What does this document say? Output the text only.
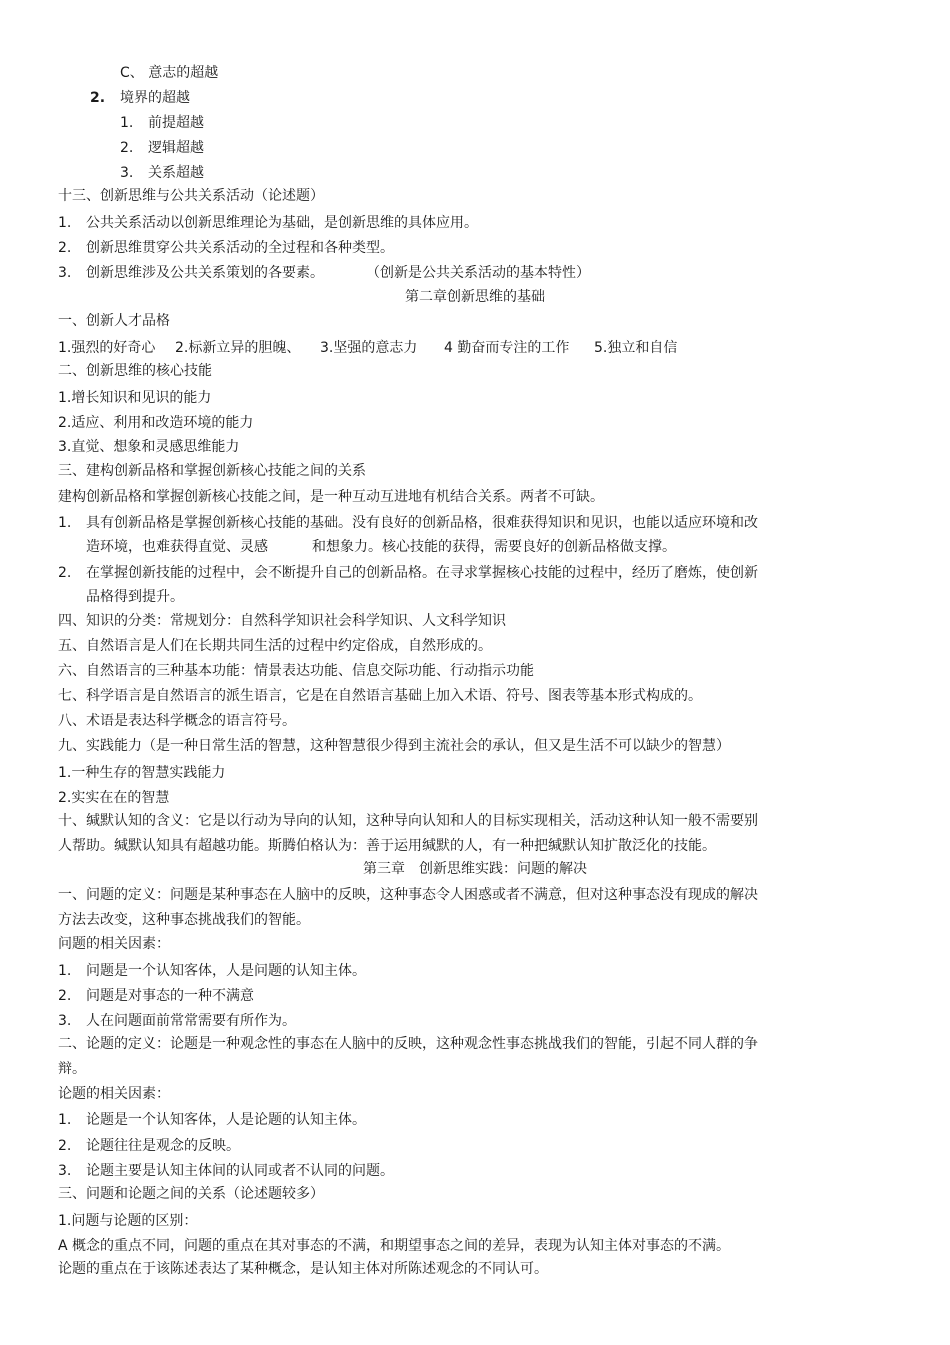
C、 意志的超越
2. 境界的超越
1. 前提超越
2. 逻辑超越
3. 关系超越
十三、创新思维与公共关系活动（论述题）
1. 公共关系活动以创新思维理论为基础，是创新思维的具体应用。
2. 创新思维贯穿公共关系活动的全过程和各种类型。
3. 创新思维涉及公共关系策划的各要素。	（创新是公共关系活动的基本特性）
第二章创新思维的基础
一、创新人才品格
1.强烈的好奇心 2.标新立异的胆魄、 3.坚强的意志力 4 勤奋而专注的工作 5.独立和自信
二、创新思维的核心技能
1.增长知识和见识的能力
2.适应、利用和改造环境的能力
3.直觉、想象和灵感思维能力
三、建构创新品格和掌握创新核心技能之间的关系
建构创新品格和掌握创新核心技能之间，是一种互动互进地有机结合关系。两者不可缺。
1. 具有创新品格是掌握创新核心技能的基础。没有良好的创新品格，很难获得知识和见识，也能以适应环境和改
造环境，也难获得直觉、灵感	和想象力。核心技能的获得，需要良好的创新品格做支撑。
2. 在掌握创新技能的过程中，会不断提升自己的创新品格。在寻求掌握核心技能的过程中，经历了磨炼，使创新
品格得到提升。
四、知识的分类：常规划分：自然科学知识社会科学知识、人文科学知识
五、自然语言是人们在长期共同生活的过程中约定俗成，自然形成的。
六、自然语言的三种基本功能：情景表达功能、信息交际功能、行动指示功能
七、科学语言是自然语言的派生语言，它是在自然语言基础上加入术语、符号、图表等基本形式构成的。
八、术语是表达科学概念的语言符号。
九、实践能力（是一种日常生活的智慧，这种智慧很少得到主流社会的承认，但又是生活不可以缺少的智慧）
1.一种生存的智慧实践能力
2.实实在在的智慧
十、缄默认知的含义：它是以行动为导向的认知，这种导向认知和人的目标实现相关，活动这种认知一般不需要别
人帮助。缄默认知具有超越功能。斯腾伯格认为：善于运用缄默的人，有一种把缄默认知扩散泛化的技能。
第三章　创新思维实践：问题的解决
一、问题的定义：问题是某种事态在人脑中的反映，这种事态令人困惑或者不满意，但对这种事态没有现成的解决
方法去改变，这种事态挑战我们的智能。
问题的相关因素：
1. 问题是一个认知客体，人是问题的认知主体。
2. 问题是对事态的一种不满意
3. 人在问题面前常常需要有所作为。
二、论题的定义：论题是一种观念性的事态在人脑中的反映，这种观念性事态挑战我们的智能，引起不同人群的争
辩。
论题的相关因素：
1. 论题是一个认知客体，人是论题的认知主体。
2. 论题往往是观念的反映。
3. 论题主要是认知主体间的认同或者不认同的问题。
三、问题和论题之间的关系（论述题较多）
1.问题与论题的区别：
A 概念的重点不同，问题的重点在其对事态的不满，和期望事态之间的差异，表现为认知主体对事态的不满。
论题的重点在于该陈述表达了某种概念，是认知主体对所陈述观念的不同认可。
